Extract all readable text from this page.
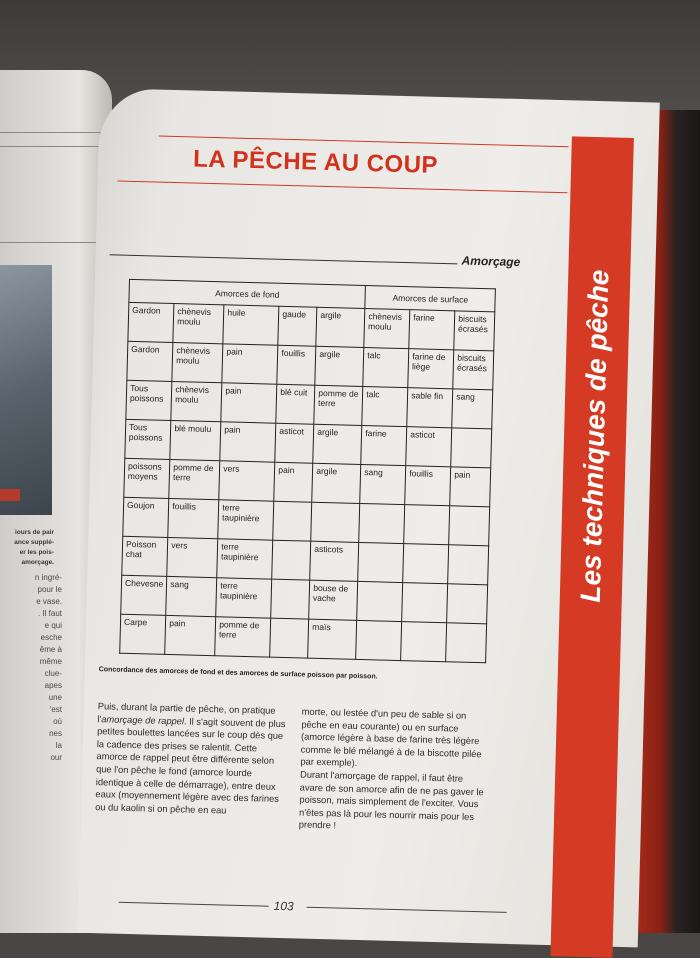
iours de pair
ance supplé-
er les pois-
amorçage.
n ingré-
pour le
e vase.
. Il faut
e qui
esche
ême à
même
clue-
apes
une
'est
où
nes
la
our
LA PÊCHE AU COUP
Amorçage
Les techniques de pêche
Amorces de fond					Amorces de surface		
Gardon	chènevis moulu	huile	gaude	argile	chènevis moulu	farine	biscuits écrasés
Gardon	chènevis moulu	pain	fouillis	argile	talc	farine de liège	biscuits écrasés
Tous poissons	chènevis moulu	pain	blé cuit	pomme de terre	talc	sable fin	sang
Tous poissons	blé moulu	pain	asticot	argile	farine	asticot	
poissons moyens	pomme de terre	vers	pain	argile	sang	fouillis	pain
Goujon	fouillis	terre taupinière					
Poisson chat	vers	terre taupinière		asticots			
Chevesne	sang	terre taupinière		bouse de vache			
Carpe	pain	pomme de terre		maïs			
Concordance des amorces de fond et des amorces de surface poisson par poisson.

Puis, durant la partie de pêche, on pratique l'amorçage de rappel. Il s'agit souvent de plus petites boulettes lancées sur le coup dès que la cadence des prises se ralentit. Cette amorce de rappel peut être différente selon que l'on pêche le fond (amorce lourde identique à celle de démarrage), entre deux eaux (moyennement légère avec des farines ou du kaolin si on pêche en eau

morte, ou lestée d'un peu de sable si on pêche en eau courante) ou en surface (amorce légère à base de farine très légère comme le blé mélangé à de la biscotte pilée par exemple).

Durant l'amorçage de rappel, il faut être avare de son amorce afin de ne pas gaver le poisson, mais simplement de l'exciter. Vous n'êtes pas là pour les nourrir mais pour les prendre !

103
